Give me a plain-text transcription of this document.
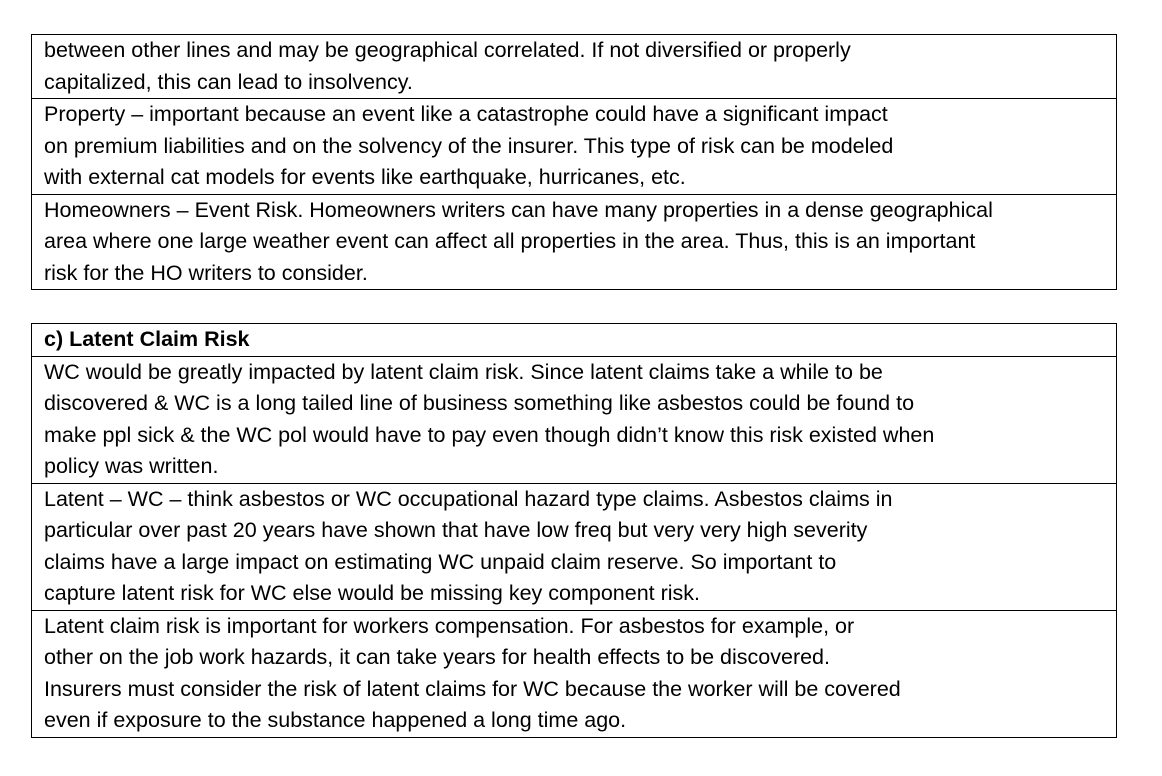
between other lines and may be geographical correlated. If not diversified or properly
capitalized, this can lead to insolvency.

Property – important because an event like a catastrophe could have a significant impact
on premium liabilities and on the solvency of the insurer. This type of risk can be modeled
with external cat models for events like earthquake, hurricanes, etc.

Homeowners – Event Risk. Homeowners writers can have many properties in a dense geographical
area where one large weather event can affect all properties in the area. Thus, this is an important
risk for the HO writers to consider.
c) Latent Claim Risk

WC would be greatly impacted by latent claim risk. Since latent claims take a while to be
discovered & WC is a long tailed line of business something like asbestos could be found to
make ppl sick & the WC pol would have to pay even though didn’t know this risk existed when
policy was written.

Latent – WC – think asbestos or WC occupational hazard type claims. Asbestos claims in
particular over past 20 years have shown that have low freq but very very high severity
claims have a large impact on estimating WC unpaid claim reserve. So important to
capture latent risk for WC else would be missing key component risk.

Latent claim risk is important for workers compensation. For asbestos for example, or
other on the job work hazards, it can take years for health effects to be discovered.
Insurers must consider the risk of latent claims for WC because the worker will be covered
even if exposure to the substance happened a long time ago.
